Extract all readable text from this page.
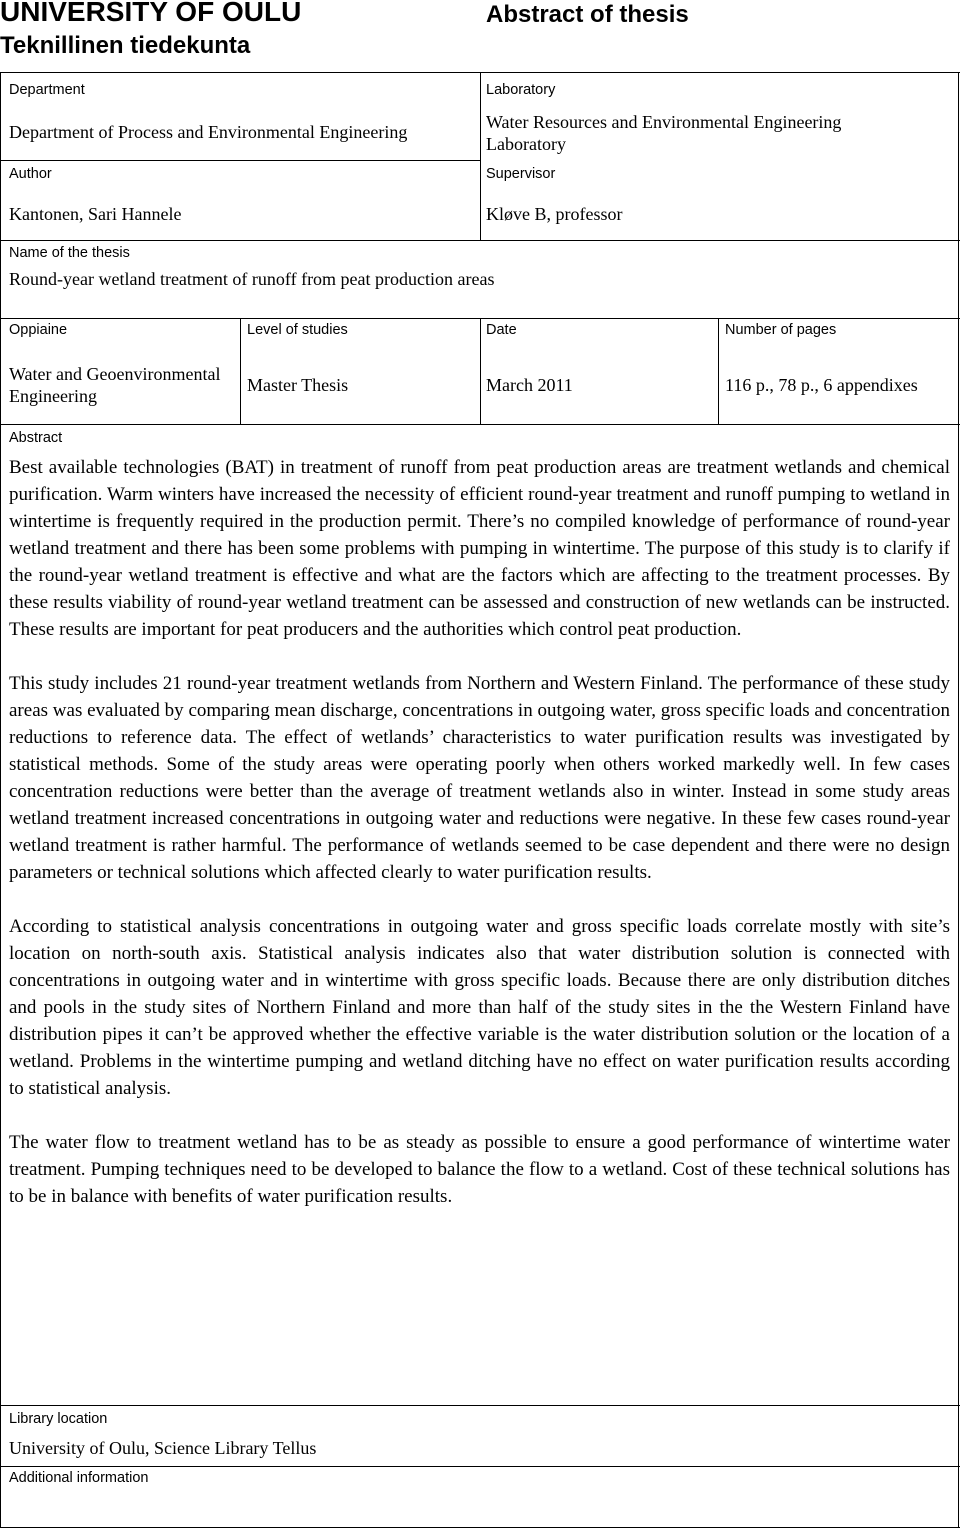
UNIVERSITY OF OULU
Teknillinen tiedekunta
Abstract of thesis
Department
Department of Process and Environmental Engineering
Laboratory
Water Resources and Environmental Engineering Laboratory
Author
Kantonen, Sari Hannele
Supervisor
Kløve B, professor
Name of the thesis
Round-year wetland treatment of runoff from peat production areas
Oppiaine
Water and Geoenvironmental Engineering
Level of studies
Master Thesis
Date
March 2011
Number of pages
116 p., 78 p., 6 appendixes
Abstract

Best available technologies (BAT) in treatment of runoff from peat production areas are treatment wetlands and chemical purification. Warm winters have increased the necessity of efficient round-year treatment and runoff pumping to wetland in wintertime is frequently required in the production permit. There’s no compiled knowledge of performance of round-year wetland treatment and there has been some problems with pumping in wintertime. The purpose of this study is to clarify if the round-year wetland treatment is effective and what are the factors which are affecting to the treatment processes. By these results viability of round-year wetland treatment can be assessed and construction of new wetlands can be instructed. These results are important for peat producers and the authorities which control peat production.

This study includes 21 round-year treatment wetlands from Northern and Western Finland. The performance of these study areas was evaluated by comparing mean discharge, concentrations in outgoing water, gross specific loads and concentration reductions to reference data. The effect of wetlands’ characteristics to water purification results was investigated by statistical methods. Some of the study areas were operating poorly when others worked markedly well. In few cases concentration reductions were better than the average of treatment wetlands also in winter. Instead in some study areas wetland treatment increased concentrations in outgoing water and reductions were negative. In these few cases round-year wetland treatment is rather harmful. The performance of wetlands seemed to be case dependent and there were no design parameters or technical solutions which affected clearly to water purification results.

According to statistical analysis concentrations in outgoing water and gross specific loads correlate mostly with site’s location on north-south axis. Statistical analysis indicates also that water distribution solution is connected with concentrations in outgoing water and in wintertime with gross specific loads. Because there are only distribution ditches and pools in the study sites of Northern Finland and more than half of the study sites in the the Western Finland have distribution pipes it can’t be approved whether the effective variable is the water distribution solution or the location of a wetland. Problems in the wintertime pumping and wetland ditching have no effect on water purification results according to statistical analysis.

The water flow to treatment wetland has to be as steady as possible to ensure a good performance of wintertime water treatment. Pumping techniques need to be developed to balance the flow to a wetland. Cost of these technical solutions has to be in balance with benefits of water purification results.

Library location
University of Oulu, Science Library Tellus
Additional information
